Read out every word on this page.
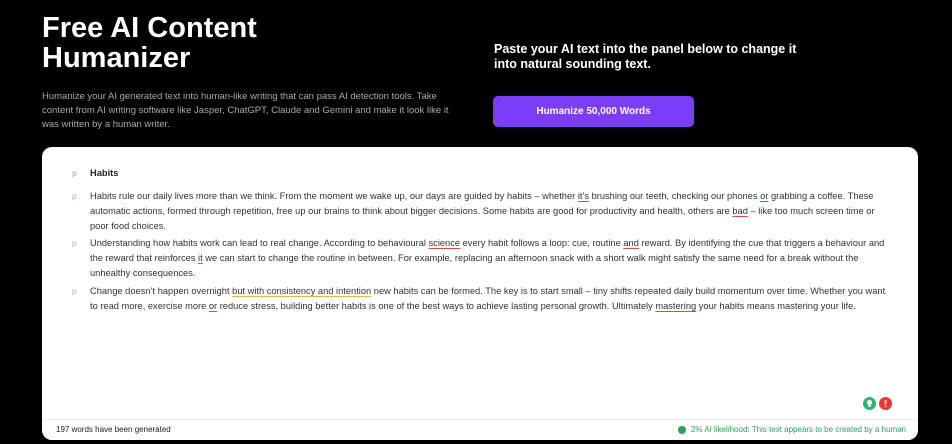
Free AI Content Humanizer

Humanize your AI generated text into human-like writing that can pass AI detection tools. Take content from AI writing software like Jasper, ChatGPT, Claude and Gemini and make it look like it was written by a human writer.

Paste your AI text into the panel below to change it into natural sounding text.

Humanize 50,000 Words
p Habits
p Habits rule our daily lives more than we think. From the moment we wake up, our days are guided by habits – whether it’s brushing our teeth, checking our phones or grabbing a coffee. These automatic actions, formed through repetition, free up our brains to think about bigger decisions. Some habits are good for productivity and health, others are bad – like too much screen time or poor food choices.
p Understanding how habits work can lead to real change. According to behavioural science every habit follows a loop: cue, routine and reward. By identifying the cue that triggers a behaviour and the reward that reinforces it we can start to change the routine in between. For example, replacing an afternoon snack with a short walk might satisfy the same need for a break without the unhealthy consequences.
p Change doesn’t happen overnight but with consistency and intention new habits can be formed. The key is to start small – tiny shifts repeated daily build momentum over time. Whether you want to read more, exercise more or reduce stress, building better habits is one of the best ways to achieve lasting personal growth. Ultimately mastering your habits means mastering your life.
197 words have been generated	2% AI likelihood: This text appears to be created by a human
